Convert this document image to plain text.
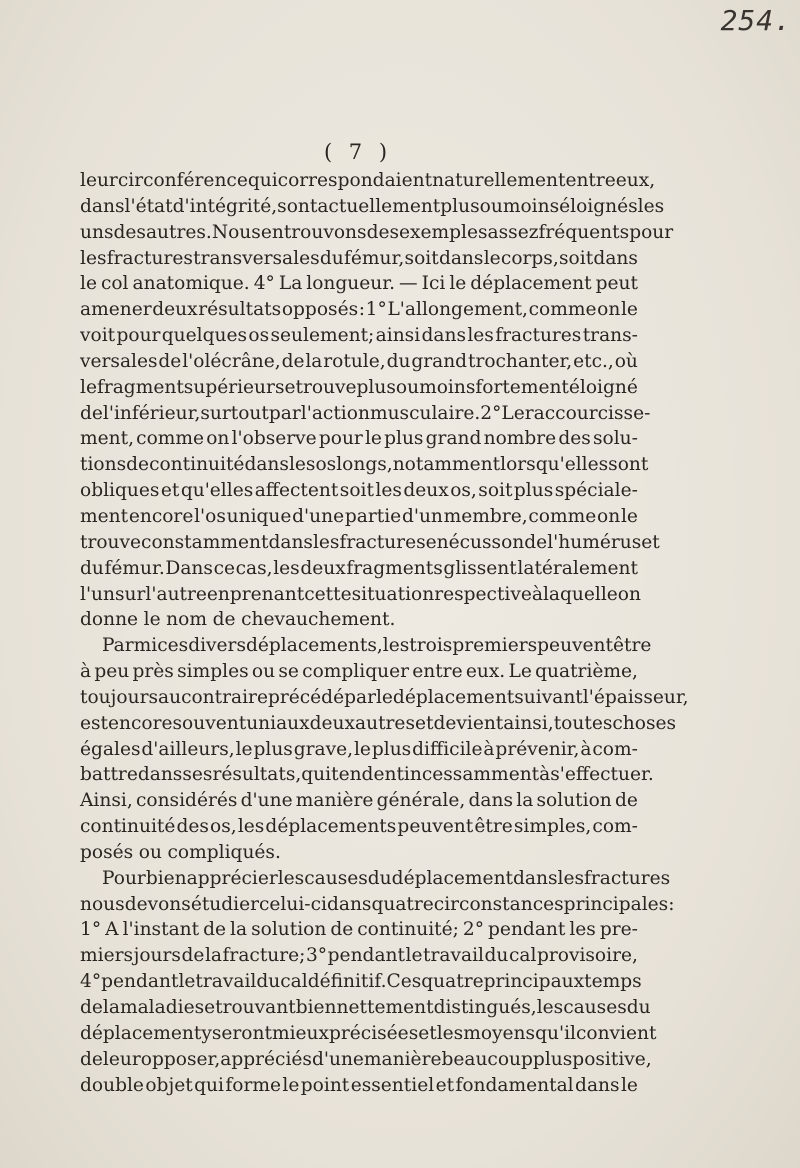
254.
( 7 )
leur circonférence qui correspondaient naturellement entre eux,
dans l'état d'intégrité, sont actuellement plus ou moins éloignés les
uns des autres. Nous en trouvons des exemples assez fréquents pour
les fractures transversales du fémur, soit dans le corps, soit dans
le col anatomique. 4° La longueur. — Ici le déplacement peut
amener deux résultats opposés : 1° L'allongement, comme on le
voit pour quelques os seulement; ainsi dans les fractures trans-
versales de l'olécrâne, de la rotule, du grand trochanter, etc., où
le fragment supérieur se trouve plus ou moins fortement éloigné
de l'inférieur, surtout par l'action musculaire. 2° Le raccourcisse-
ment, comme on l'observe pour le plus grand nombre des solu-
tions de continuité dans les os longs, notamment lorsqu'elles sont
obliques et qu'elles affectent soit les deux os, soit plus spéciale-
ment encore l'os unique d'une partie d'un membre, comme on le
trouve constamment dans les fractures en écusson de l'humérus et
du fémur. Dans ce cas, les deux fragments glissent latéralement
l'un sur l'autre en prenant cette situation respective à laquelle on
donne le nom de chevauchement.
Parmi ces divers déplacements, les trois premiers peuvent être
à peu près simples ou se compliquer entre eux. Le quatrième,
toujours au contraire précédé par le déplacement suivant l'épaisseur,
est encore souvent uni aux deux autres et devient ainsi, toutes choses
égales d'ailleurs, le plus grave, le plus difficile à prévenir, à com-
battre dans ses résultats, qui tendent incessamment à s'effectuer.
Ainsi, considérés d'une manière générale, dans la solution de
continuité des os, les déplacements peuvent être simples, com-
posés ou compliqués.
Pour bien apprécier les causes du déplacement dans les fractures
nous devons étudier celui-ci dans quatre circonstances principales :
1° A l'instant de la solution de continuité; 2° pendant les pre-
miers jours de la fracture; 3° pendant le travail du cal provisoire,
4° pendant le travail du cal définitif. Ces quatre principaux temps
de la maladie se trouvant bien nettement distingués, les causes du
déplacement y seront mieux précisées et les moyens qu'il convient
de leur opposer, appréciés d'une manière beaucoup plus positive,
double objet qui forme le point essentiel et fondamental dans le
